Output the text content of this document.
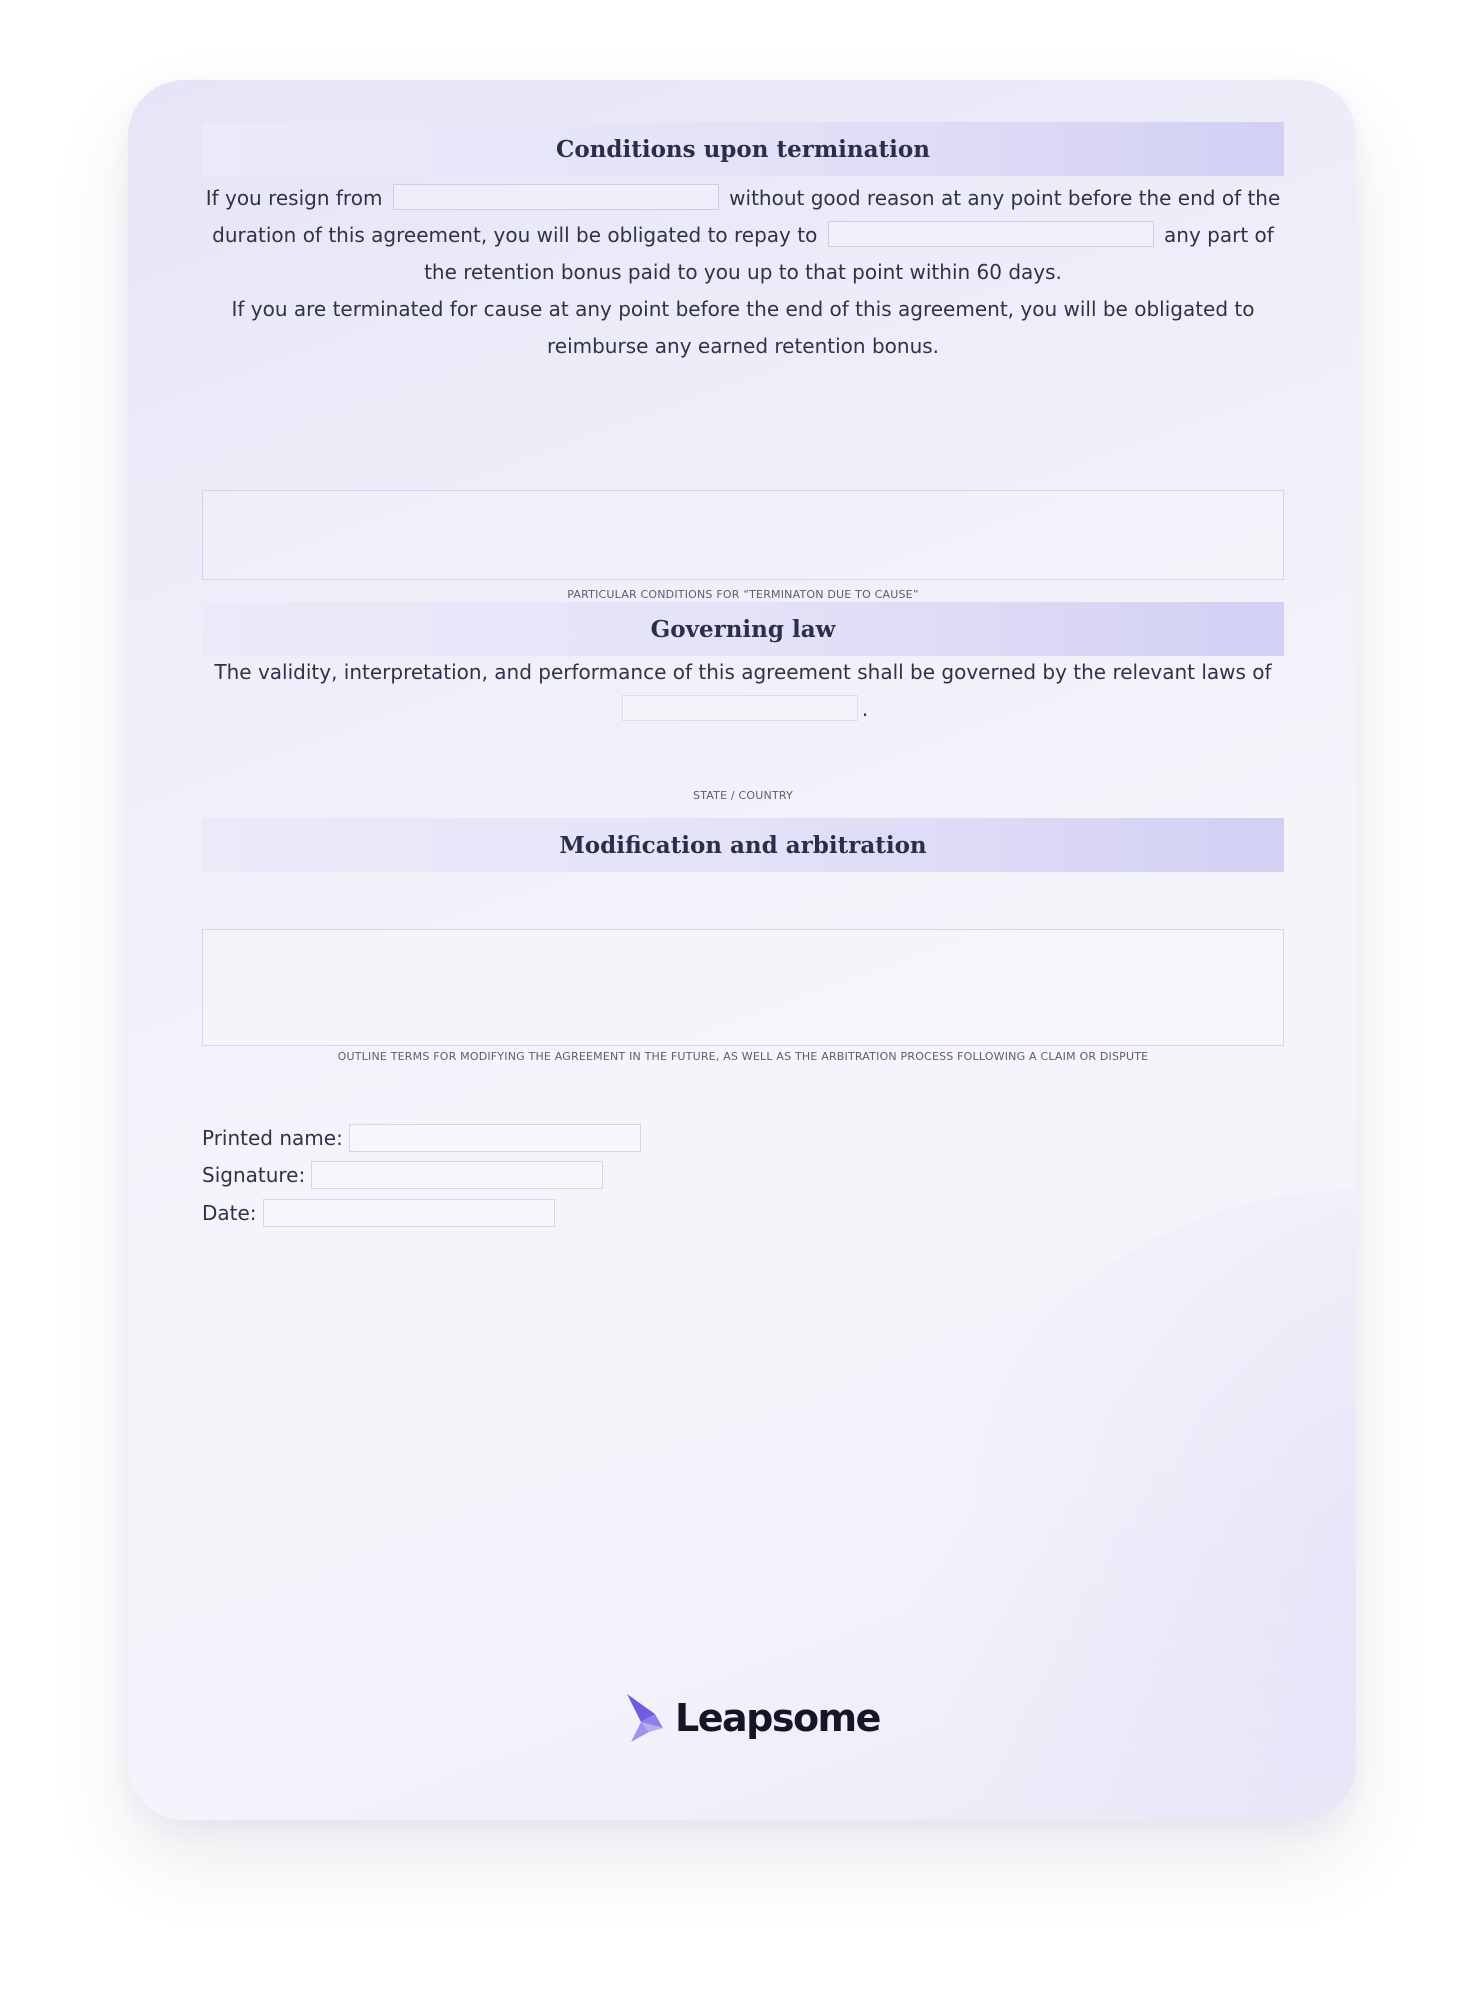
Conditions upon termination
If you resign from	without good reason at any point before the end of the duration of this agreement, you will be obligated to repay to	any part of the retention bonus paid to you up to that point within 60 days.
If you are terminated for cause at any point before the end of this agreement, you will be obligated to reimburse any earned retention bonus.
PARTICULAR CONDITIONS FOR “TERMINATON DUE TO CAUSE”
Governing law
The validity, interpretation, and performance of this agreement shall be governed by the relevant laws of
.
STATE / COUNTRY
Modification and arbitration
OUTLINE TERMS FOR MODIFYING THE AGREEMENT IN THE FUTURE, AS WELL AS THE ARBITRATION PROCESS FOLLOWING A CLAIM OR DISPUTE
Printed name:
Signature:
Date:
Leapsome
